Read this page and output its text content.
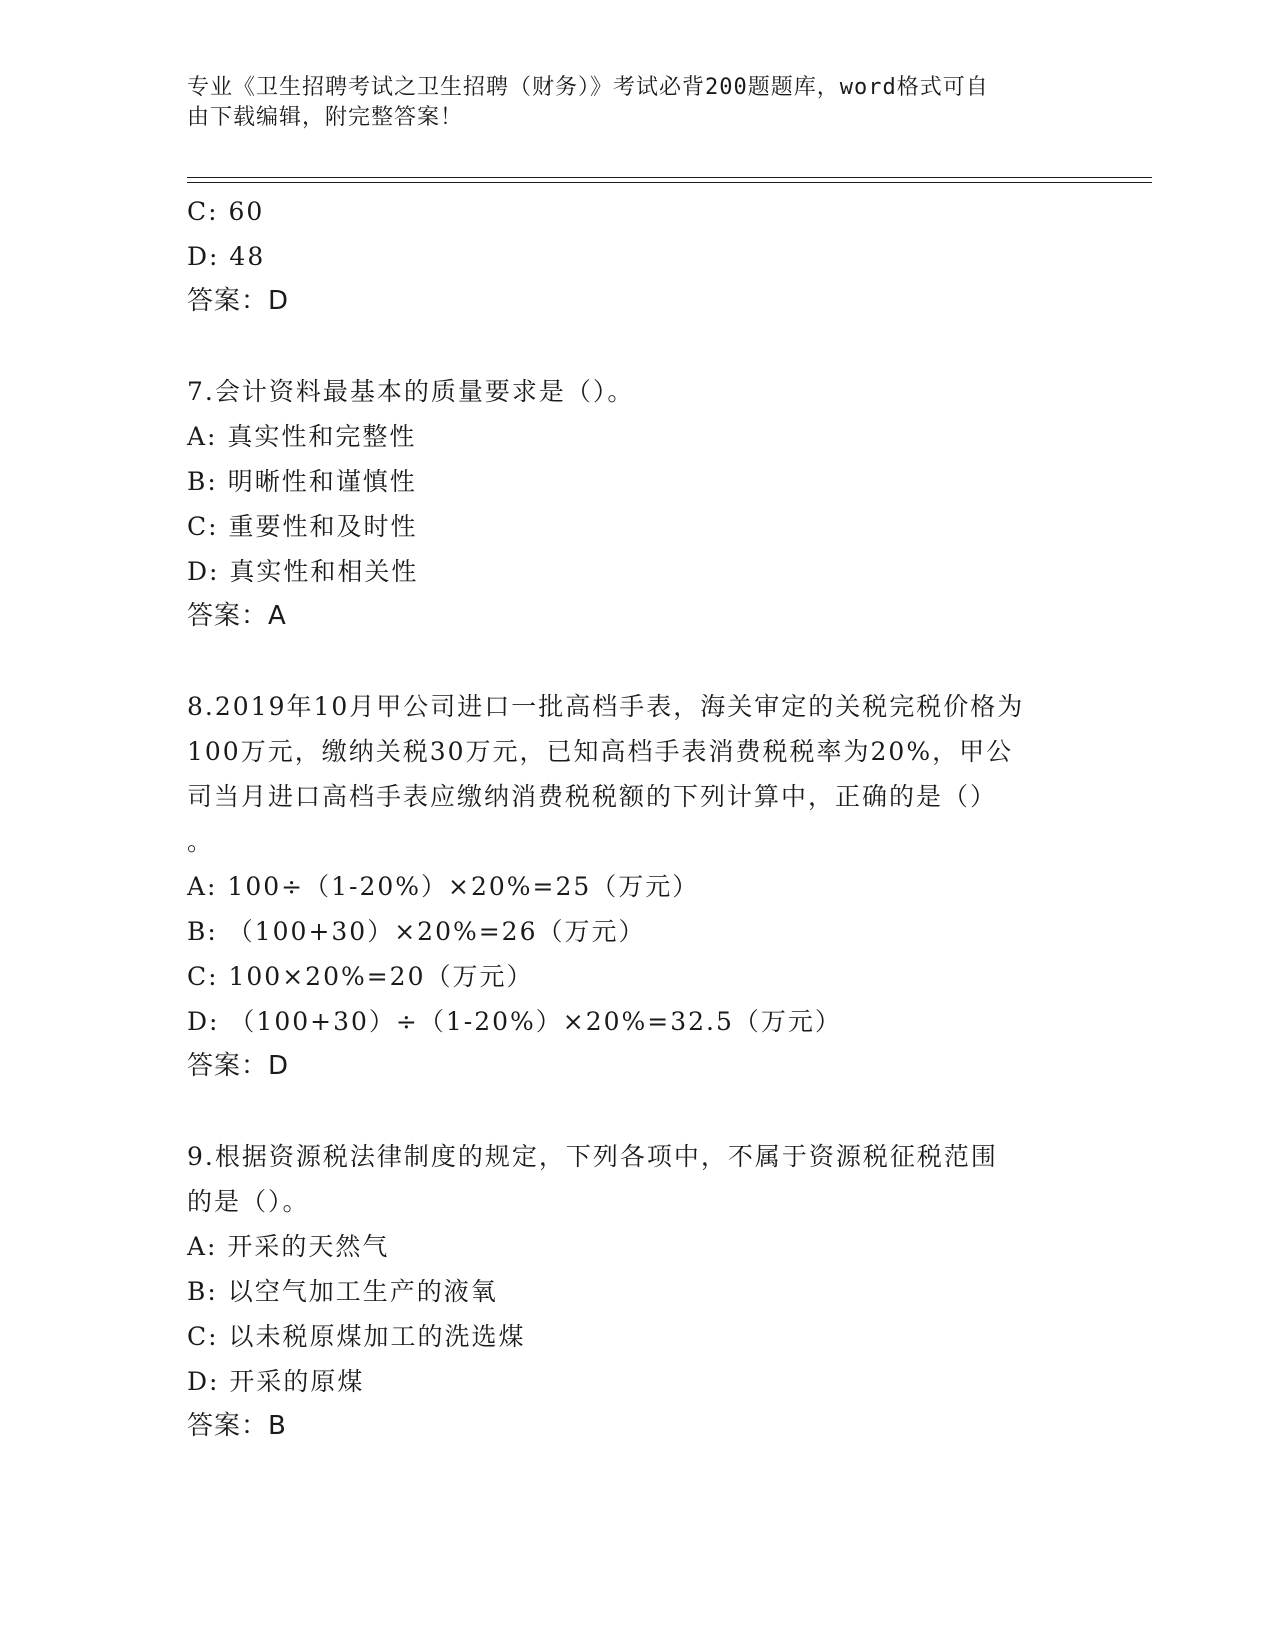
专业《卫生招聘考试之卫生招聘（财务）》考试必背200题题库，word格式可自
由下载编辑，附完整答案！
C: 60
D: 48
答案：D
7.会计资料最基本的质量要求是（）。
A: 真实性和完整性
B: 明晰性和谨慎性
C: 重要性和及时性
D: 真实性和相关性
答案：A
8.2019年10月甲公司进口一批高档手表，海关审定的关税完税价格为
100万元，缴纳关税30万元，已知高档手表消费税税率为20%，甲公
司当月进口高档手表应缴纳消费税税额的下列计算中，正确的是（）
。
A: 100÷（1-20%）×20%=25（万元）
B: （100+30）×20%=26（万元）
C: 100×20%=20（万元）
D: （100+30）÷（1-20%）×20%=32.5（万元）
答案：D
9.根据资源税法律制度的规定，下列各项中，不属于资源税征税范围
的是（）。
A: 开采的天然气
B: 以空气加工生产的液氧
C: 以未税原煤加工的洗选煤
D: 开采的原煤
答案：B
